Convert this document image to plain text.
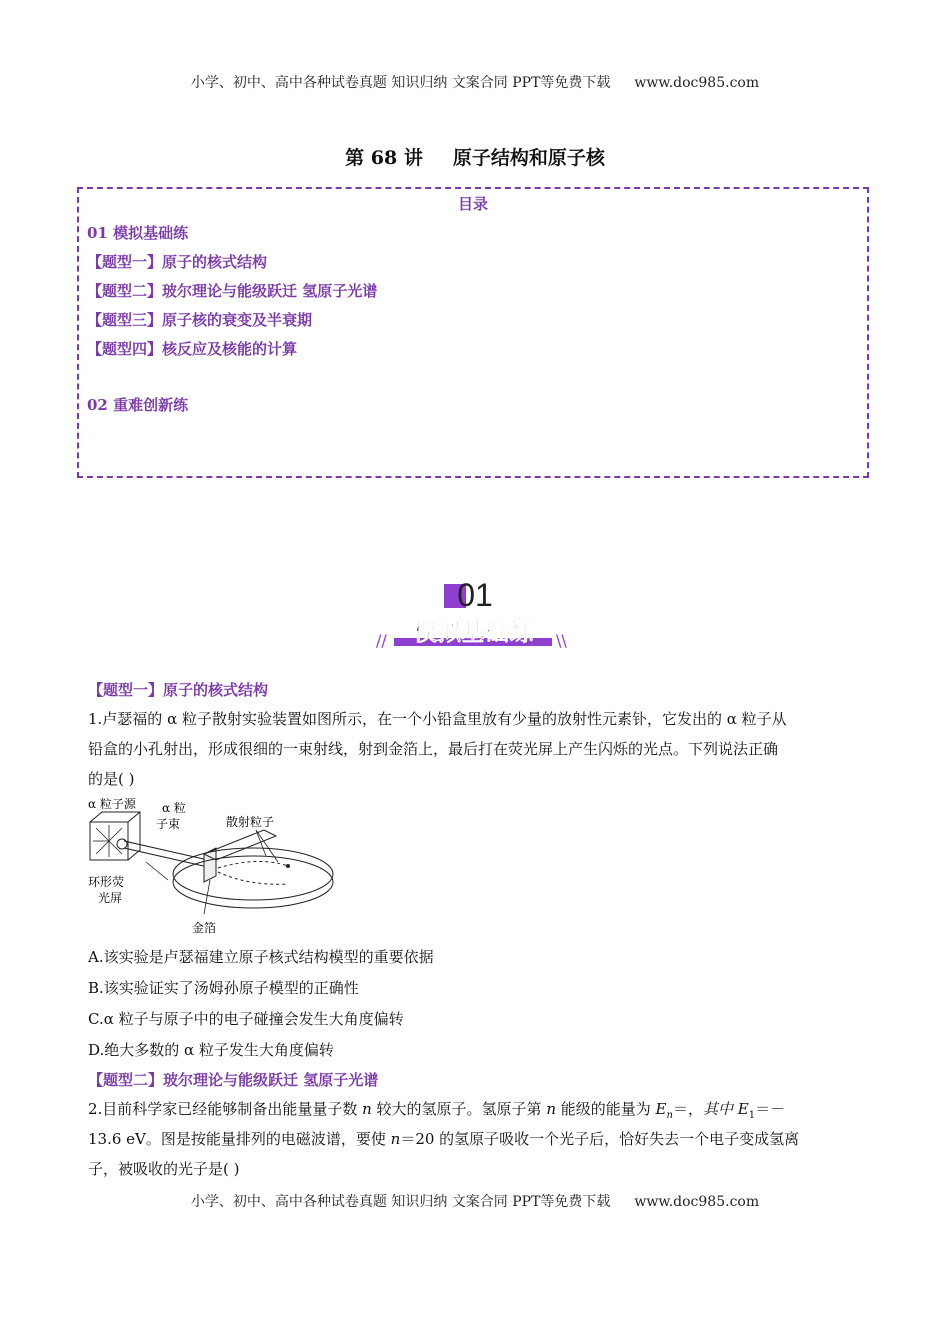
小学、初中、高中各种试卷真题 知识归纳 文案合同 PPT等免费下载 www.doc985.com
第 68 讲 原子结构和原子核
目录
01 模拟基础练
【题型一】原子的核式结构
【题型二】玻尔理论与能级跃迁 氢原子光谱
【题型三】原子核的衰变及半衰期
【题型四】核反应及核能的计算
02 重难创新练
01
模拟基础练
//	\\
【题型一】原子的核式结构
1.卢瑟福的 α 粒子散射实验装置如图所示，在一个小铅盒里放有少量的放射性元素钋，它发出的 α 粒子从
铅盒的小孔射出，形成很细的一束射线，射到金箔上，最后打在荧光屏上产生闪烁的光点。下列说法正确
的是( )
α 粒子源 α 粒
子束	散射粒子
环形荧
光屏
金箔
A.该实验是卢瑟福建立原子核式结构模型的重要依据
B.该实验证实了汤姆孙原子模型的正确性
C.α 粒子与原子中的电子碰撞会发生大角度偏转
D.绝大多数的 α 粒子发生大角度偏转
【题型二】玻尔理论与能级跃迁 氢原子光谱
2.目前科学家已经能够制备出能量量子数 n 较大的氢原子。氢原子第 n 能级的能量为 $E_n=$，其中 $E_1=-$
13.6 eV。图是按能量排列的电磁波谱，要使 n＝20 的氢原子吸收一个光子后，恰好失去一个电子变成氢离
子，被吸收的光子是( )
小学、初中、高中各种试卷真题 知识归纳 文案合同 PPT等免费下载 www.doc985.com
